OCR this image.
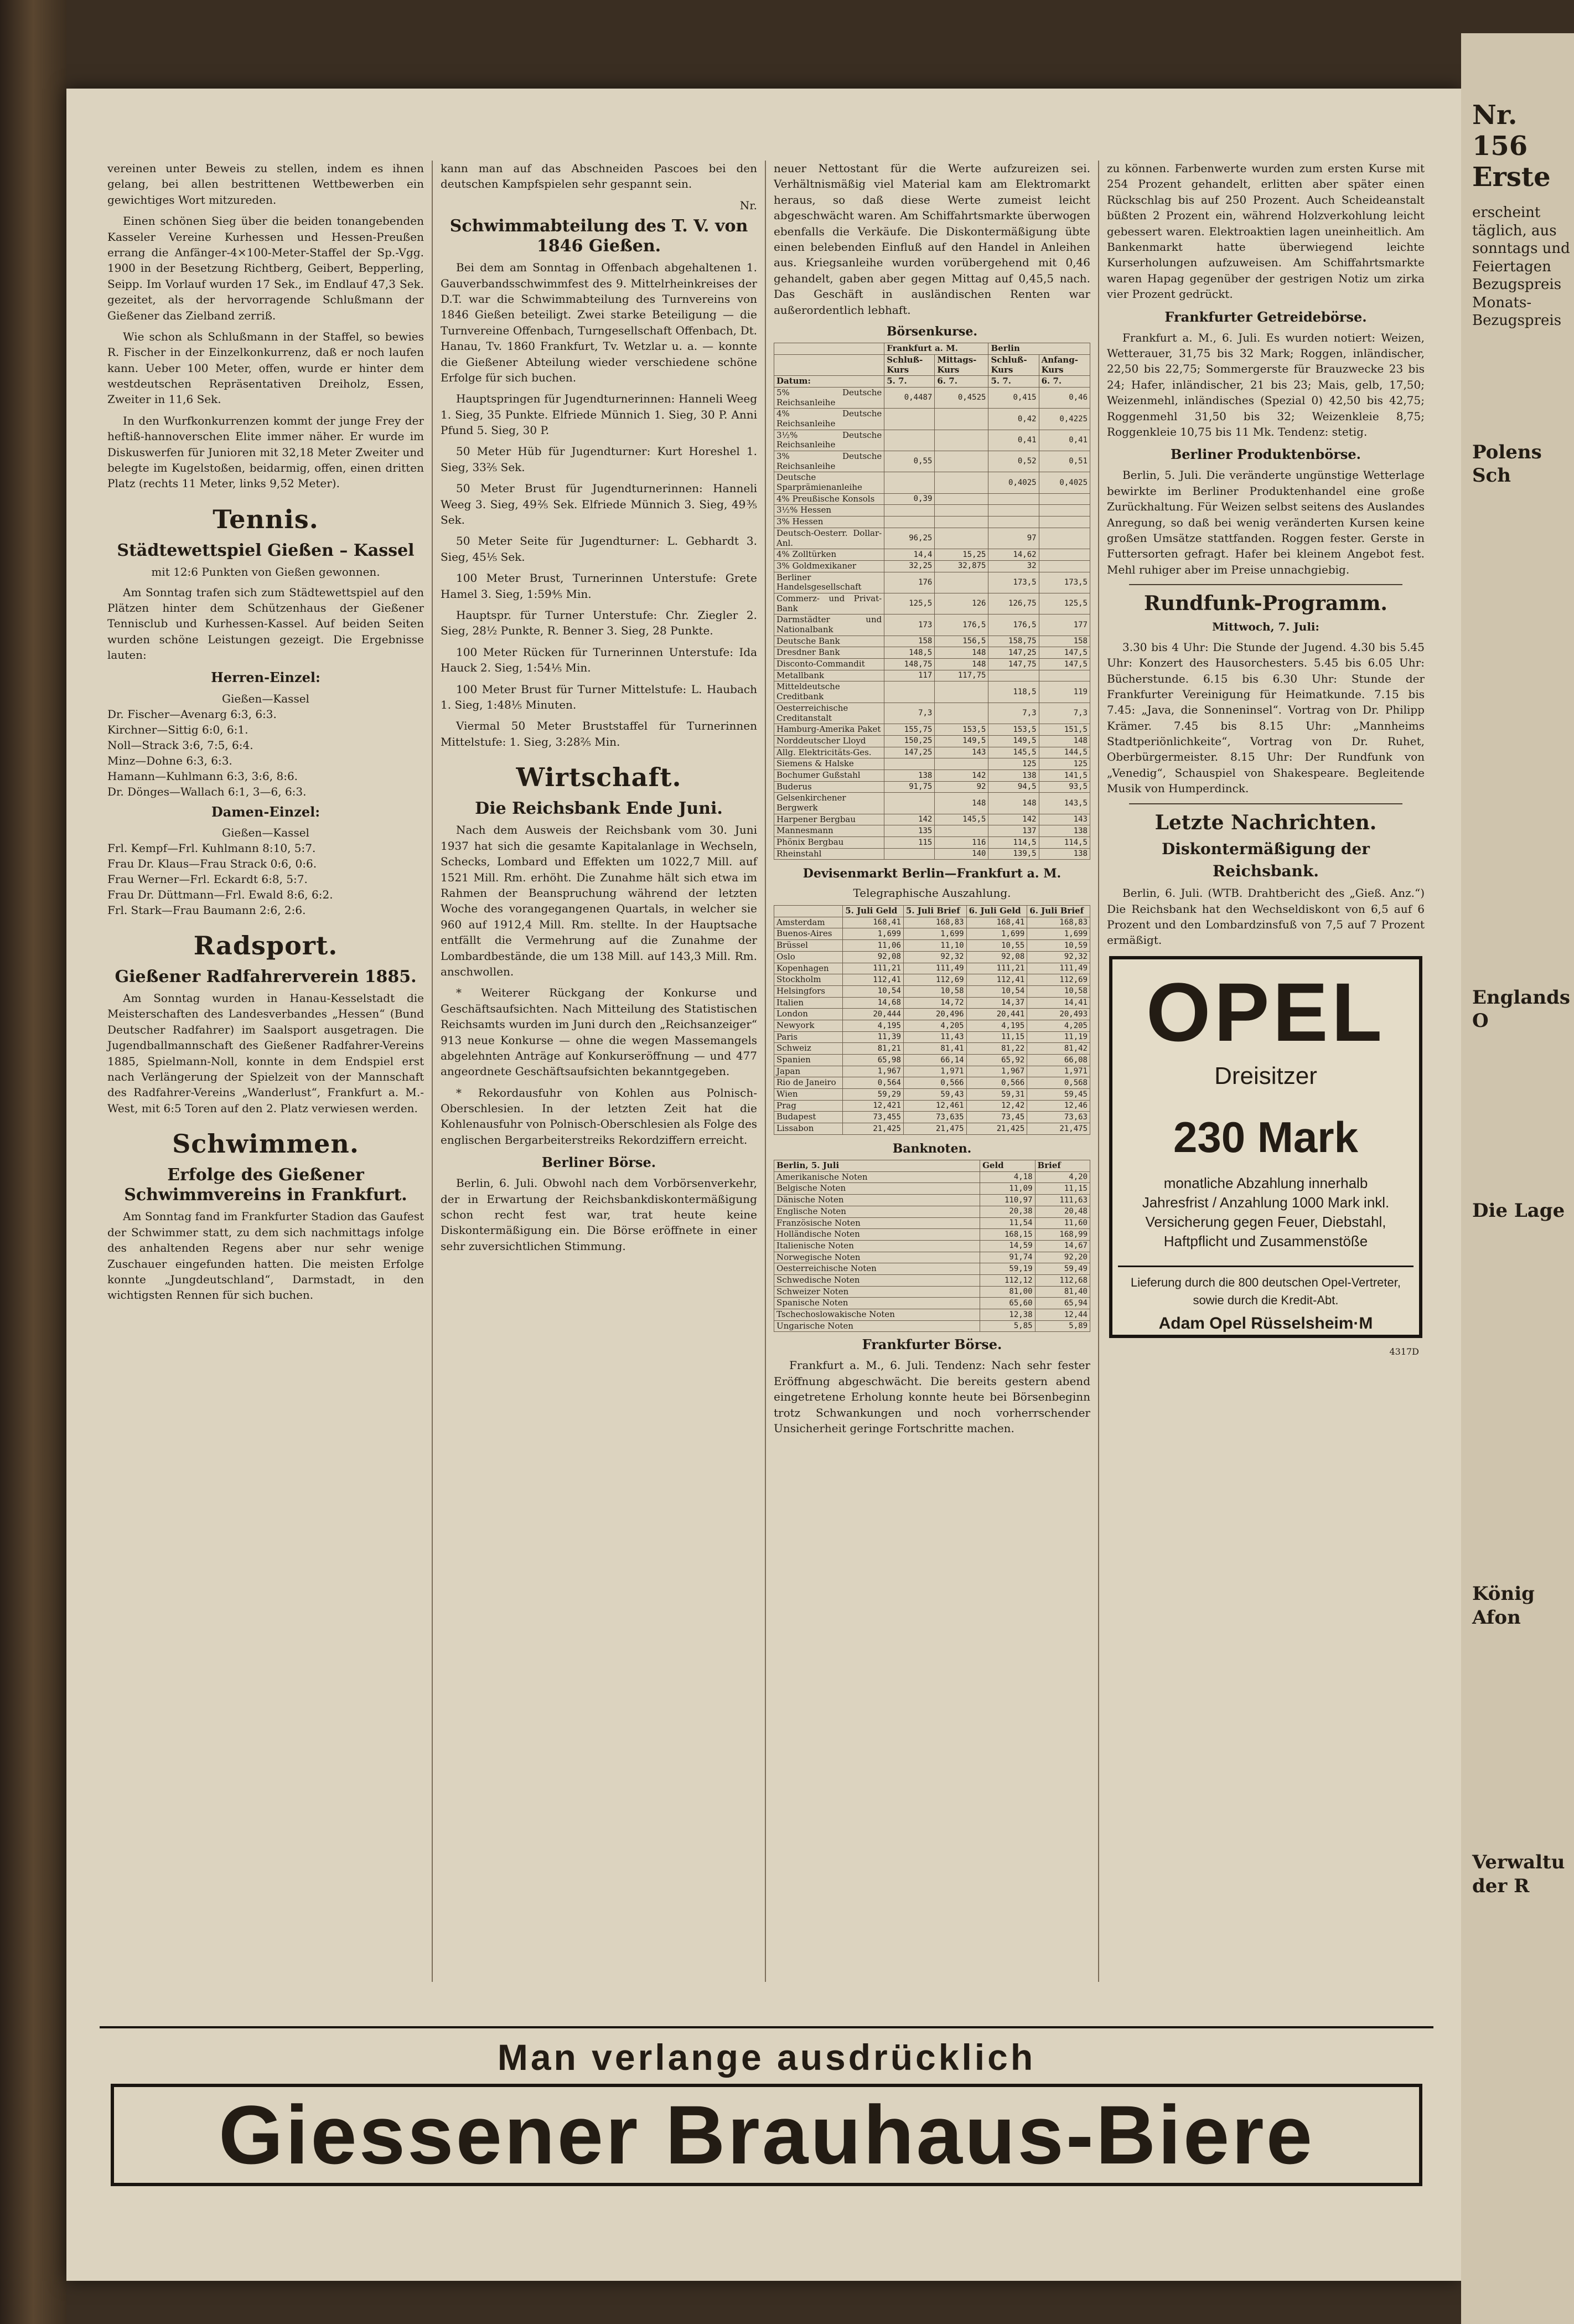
vereinen unter Beweis zu stellen, indem es ihnen gelang, bei allen bestrittenen Wettbewerben ein gewichtiges Wort mitzureden.

Einen schönen Sieg über die beiden tonangebenden Kasseler Vereine Kurhessen und Hessen-Preußen errang die Anfänger-4×100-Meter-Staffel der Sp.-Vgg. 1900 in der Besetzung Richtberg, Geibert, Bepperling, Seipp. Im Vorlauf wurden 17 Sek., im Endlauf 47,3 Sek. gezeitet, als der hervorragende Schlußmann der Gießener das Zielband zerriß.

Wie schon als Schlußmann in der Staffel, so bewies R. Fischer in der Einzelkonkurrenz, daß er noch laufen kann. Ueber 100 Meter, offen, wurde er hinter dem westdeutschen Repräsentativen Dreiholz, Essen, Zweiter in 11,6 Sek.

In den Wurfkonkurrenzen kommt der junge Frey der heftiß-hannoverschen Elite immer näher. Er wurde im Diskuswerfen für Junioren mit 32,18 Meter Zweiter und belegte im Kugelstoßen, beidarmig, offen, einen dritten Platz (rechts 11 Meter, links 9,52 Meter).

Tennis.
Städtewettspiel Gießen – Kassel
mit 12:6 Punkten von Gießen gewonnen.

Am Sonntag trafen sich zum Städtewettspiel auf den Plätzen hinter dem Schützenhaus der Gießener Tennisclub und Kurhessen-Kassel. Auf beiden Seiten wurden schöne Leistungen gezeigt. Die Ergebnisse lauten:

Herren-Einzel:
Gießen—Kassel
Dr. Fischer—Avenarg 6:3, 6:3.
Kirchner—Sittig 6:0, 6:1.
Noll—Strack 3:6, 7:5, 6:4.
Minz—Dohne 6:3, 6:3.
Hamann—Kuhlmann 6:3, 3:6, 8:6.
Dr. Dönges—Wallach 6:1, 3—6, 6:3.
Damen-Einzel:
Gießen—Kassel
Frl. Kempf—Frl. Kuhlmann 8:10, 5:7.
Frau Dr. Klaus—Frau Strack 0:6, 0:6.
Frau Werner—Frl. Eckardt 6:8, 5:7.
Frau Dr. Düttmann—Frl. Ewald 8:6, 6:2.
Frl. Stark—Frau Baumann 2:6, 2:6.
Radsport.
Gießener Radfahrerverein 1885.

Am Sonntag wurden in Hanau-Kesselstadt die Meisterschaften des Landesverbandes „Hessen“ (Bund Deutscher Radfahrer) im Saalsport ausgetragen. Die Jugendballmannschaft des Gießener Radfahrer-Vereins 1885, Spielmann-Noll, konnte in dem Endspiel erst nach Verlängerung der Spielzeit von der Mannschaft des Radfahrer-Vereins „Wanderlust“, Frankfurt a. M.-West, mit 6:5 Toren auf den 2. Platz verwiesen werden.

Schwimmen.
Erfolge des Gießener Schwimmvereins in Frankfurt.

Am Sonntag fand im Frankfurter Stadion das Gaufest der Schwimmer statt, zu dem sich nachmittags infolge des anhaltenden Regens aber nur sehr wenige Zuschauer eingefunden hatten. Die meisten Erfolge konnte „Jungdeutschland“, Darmstadt, in den wichtigsten Rennen für sich buchen.

kann man auf das Abschneiden Pascoes bei den deutschen Kampfspielen sehr gespannt sein.

Nr.
Schwimmabteilung des T. V. von 1846 Gießen.

Bei dem am Sonntag in Offenbach abgehaltenen 1. Gauverbandsschwimmfest des 9. Mittelrheinkreises der D.T. war die Schwimmabteilung des Turnvereins von 1846 Gießen beteiligt. Zwei starke Beteiligung — die Turnvereine Offenbach, Turngesellschaft Offenbach, Dt. Hanau, Tv. 1860 Frankfurt, Tv. Wetzlar u. a. — konnte die Gießener Abteilung wieder verschiedene schöne Erfolge für sich buchen.

Hauptspringen für Jugendturnerinnen: Hanneli Weeg 1. Sieg, 35 Punkte. Elfriede Münnich 1. Sieg, 30 P. Anni Pfund 5. Sieg, 30 P.

50 Meter Hüb für Jugendturner: Kurt Horeshel 1. Sieg, 33⅖ Sek.

50 Meter Brust für Jugendturnerinnen: Hanneli Weeg 3. Sieg, 49⅖ Sek. Elfriede Münnich 3. Sieg, 49⅗ Sek.

50 Meter Seite für Jugendturner: L. Gebhardt 3. Sieg, 45⅕ Sek.

100 Meter Brust, Turnerinnen Unterstufe: Grete Hamel 3. Sieg, 1:59⅘ Min.

Hauptspr. für Turner Unterstufe: Chr. Ziegler 2. Sieg, 28½ Punkte, R. Benner 3. Sieg, 28 Punkte.

100 Meter Rücken für Turnerinnen Unterstufe: Ida Hauck 2. Sieg, 1:54⅕ Min.

100 Meter Brust für Turner Mittelstufe: L. Haubach 1. Sieg, 1:48⅕ Minuten.

Viermal 50 Meter Bruststaffel für Turnerinnen Mittelstufe: 1. Sieg, 3:28⅖ Min.

Wirtschaft.
Die Reichsbank Ende Juni.

Nach dem Ausweis der Reichsbank vom 30. Juni 1937 hat sich die gesamte Kapitalanlage in Wechseln, Schecks, Lombard und Effekten um 1022,7 Mill. auf 1521 Mill. Rm. erhöht. Die Zunahme hält sich etwa im Rahmen der Beanspruchung während der letzten Woche des vorangegangenen Quartals, in welcher sie 960 auf 1912,4 Mill. Rm. stellte. In der Hauptsache entfällt die Vermehrung auf die Zunahme der Lombardbestände, die um 138 Mill. auf 143,3 Mill. Rm. anschwollen.

* Weiterer Rückgang der Konkurse und Geschäftsaufsichten. Nach Mitteilung des Statistischen Reichsamts wurden im Juni durch den „Reichsanzeiger“ 913 neue Konkurse — ohne die wegen Massemangels abgelehnten Anträge auf Konkurseröffnung — und 477 angeordnete Geschäftsaufsichten bekanntgegeben.

* Rekordausfuhr von Kohlen aus Polnisch-Oberschlesien. In der letzten Zeit hat die Kohlenausfuhr von Polnisch-Oberschlesien als Folge des englischen Bergarbeiterstreiks Rekordziffern erreicht.

Berliner Börse.

Berlin, 6. Juli. Obwohl nach dem Vorbörsenverkehr, der in Erwartung der Reichsbankdiskontermäßigung schon recht fest war, trat heute keine Diskontermäßigung ein. Die Börse eröffnete in einer sehr zuversichtlichen Stimmung.

neuer Nettostant für die Werte aufzureizen sei. Verhältnismäßig viel Material kam am Elektromarkt heraus, so daß diese Werte zumeist leicht abgeschwächt waren. Am Schiffahrtsmarkte überwogen ebenfalls die Verkäufe. Die Diskontermäßigung übte einen belebenden Einfluß auf den Handel in Anleihen aus. Kriegsanleihe wurden vorübergehend mit 0,46 gehandelt, gaben aber gegen Mittag auf 0,45,5 nach. Das Geschäft in ausländischen Renten war außerordentlich lebhaft.

Börsenkurse.
	Frankfurt a. M.		Berlin	
	Schluß-Kurs	Mittags-Kurs	Schluß-Kurs	Anfang-Kurs
Datum:	5. 7.	6. 7.	5. 7.	6. 7.
5% Deutsche Reichsanleihe	0,4487	0,4525	0,415	0,46
4% Deutsche Reichsanleihe			0,42	0,4225
3½% Deutsche Reichsanleihe			0,41	0,41
3% Deutsche Reichsanleihe	0,55		0,52	0,51
Deutsche Sparprämienanleihe			0,4025	0,4025
4% Preußische Konsols	0,39			
3½% Hessen				
3% Hessen				
Deutsch-Oesterr. Dollar-Anl.	96,25		97	
4% Zolltürken	14,4	15,25	14,62	
3% Goldmexikaner	32,25	32,875	32	
Berliner Handelsgesellschaft	176		173,5	173,5
Commerz- und Privat-Bank	125,5	126	126,75	125,5
Darmstädter und Nationalbank	173	176,5	176,5	177
Deutsche Bank	158	156,5	158,75	158
Dresdner Bank	148,5	148	147,25	147,5
Disconto-Commandit	148,75	148	147,75	147,5
Metallbank	117	117,75		
Mitteldeutsche Creditbank			118,5	119
Oesterreichische Creditanstalt	7,3		7,3	7,3
Hamburg-Amerika Paket	155,75	153,5	153,5	151,5
Norddeutscher Lloyd	150,25	149,5	149,5	148
Allg. Elektricitäts-Ges.	147,25	143	145,5	144,5
Siemens & Halske			125	125
Bochumer Gußstahl	138	142	138	141,5
Buderus	91,75	92	94,5	93,5
Gelsenkirchener Bergwerk		148	148	143,5
Harpener Bergbau	142	145,5	142	143
Mannesmann	135		137	138
Phönix Bergbau	115	116	114,5	114,5
Rheinstahl		140	139,5	138
Devisenmarkt Berlin—Frankfurt a. M.
Telegraphische Auszahlung.
	5. Juli Geld	5. Juli Brief	6. Juli Geld	6. Juli Brief
Amsterdam	168,41	168,83	168,41	168,83
Buenos-Aires	1,699	1,699	1,699	1,699
Brüssel	11,06	11,10	10,55	10,59
Oslo	92,08	92,32	92,08	92,32
Kopenhagen	111,21	111,49	111,21	111,49
Stockholm	112,41	112,69	112,41	112,69
Helsingfors	10,54	10,58	10,54	10,58
Italien	14,68	14,72	14,37	14,41
London	20,444	20,496	20,441	20,493
Newyork	4,195	4,205	4,195	4,205
Paris	11,39	11,43	11,15	11,19
Schweiz	81,21	81,41	81,22	81,42
Spanien	65,98	66,14	65,92	66,08
Japan	1,967	1,971	1,967	1,971
Rio de Janeiro	0,564	0,566	0,566	0,568
Wien	59,29	59,43	59,31	59,45
Prag	12,421	12,461	12,42	12,46
Budapest	73,455	73,635	73,45	73,63
Lissabon	21,425	21,475	21,425	21,475
Banknoten.
Berlin, 5. Juli	Geld	Brief
Amerikanische Noten	4,18	4,20
Belgische Noten	11,09	11,15
Dänische Noten	110,97	111,63
Englische Noten	20,38	20,48
Französische Noten	11,54	11,60
Holländische Noten	168,15	168,99
Italienische Noten	14,59	14,67
Norwegische Noten	91,74	92,20
Oesterreichische Noten	59,19	59,49
Schwedische Noten	112,12	112,68
Schweizer Noten	81,00	81,40
Spanische Noten	65,60	65,94
Tschechoslowakische Noten	12,38	12,44
Ungarische Noten	5,85	5,89
Frankfurter Börse.

Frankfurt a. M., 6. Juli. Tendenz: Nach sehr fester Eröffnung abgeschwächt. Die bereits gestern abend eingetretene Erholung konnte heute bei Börsenbeginn trotz Schwankungen und noch vorherrschender Unsicherheit geringe Fortschritte machen.

zu können. Farbenwerte wurden zum ersten Kurse mit 254 Prozent gehandelt, erlitten aber später einen Rückschlag bis auf 250 Prozent. Auch Scheideanstalt büßten 2 Prozent ein, während Holzverkohlung leicht gebessert waren. Elektroaktien lagen uneinheitlich. Am Bankenmarkt hatte überwiegend leichte Kurserholungen aufzuweisen. Am Schiffahrtsmarkte waren Hapag gegenüber der gestrigen Notiz um zirka vier Prozent gedrückt.

Frankfurter Getreidebörse.

Frankfurt a. M., 6. Juli. Es wurden notiert: Weizen, Wetterauer, 31,75 bis 32 Mark; Roggen, inländischer, 22,50 bis 22,75; Sommergerste für Brauzwecke 23 bis 24; Hafer, inländischer, 21 bis 23; Mais, gelb, 17,50; Weizenmehl, inländisches (Spezial 0) 42,50 bis 42,75; Roggenmehl 31,50 bis 32; Weizenkleie 8,75; Roggenkleie 10,75 bis 11 Mk. Tendenz: stetig.

Berliner Produktenbörse.

Berlin, 5. Juli. Die veränderte ungünstige Wetterlage bewirkte im Berliner Produktenhandel eine große Zurückhaltung. Für Weizen selbst seitens des Auslandes Anregung, so daß bei wenig veränderten Kursen keine großen Umsätze stattfanden. Roggen fester. Gerste in Futtersorten gefragt. Hafer bei kleinem Angebot fest. Mehl ruhiger aber im Preise unnachgiebig.

Rundfunk-Programm.
Mittwoch, 7. Juli:

3.30 bis 4 Uhr: Die Stunde der Jugend. 4.30 bis 5.45 Uhr: Konzert des Hausorchesters. 5.45 bis 6.05 Uhr: Bücherstunde. 6.15 bis 6.30 Uhr: Stunde der Frankfurter Vereinigung für Heimatkunde. 7.15 bis 7.45: „Java, die Sonneninsel“. Vortrag von Dr. Philipp Krämer. 7.45 bis 8.15 Uhr: „Mannheims Stadtperiönlichkeite“, Vortrag von Dr. Ruhet, Oberbürgermeister. 8.15 Uhr: Der Rundfunk von „Venedig“, Schauspiel von Shakespeare. Begleitende Musik von Humperdinck.

Letzte Nachrichten.
Diskontermäßigung der Reichsbank.

Berlin, 6. Juli. (WTB. Drahtbericht des „Gieß. Anz.“) Die Reichsbank hat den Wechseldiskont von 6,5 auf 6 Prozent und den Lombardzinsfuß von 7,5 auf 7 Prozent ermäßigt.

OPEL
Dreisitzer
230 Mark
monatliche Abzahlung innerhalb Jahresfrist / Anzahlung 1000 Mark inkl. Versicherung gegen Feuer, Diebstahl, Haftpflicht und Zusammenstöße
Lieferung durch die 800 deutschen Opel-Vertreter, sowie durch die Kredit-Abt.
Adam Opel Rüsselsheim·M
4317D
Man verlange ausdrücklich
Giessener Brauhaus-Biere
Nr. 156 Erste
erscheint täglich, aus
sonntags und Feiertagen
Bezugspreis
Monats-Bezugspreis
Polens Sch
Englands O
Die Lage
König Afon
Verwaltu der R
